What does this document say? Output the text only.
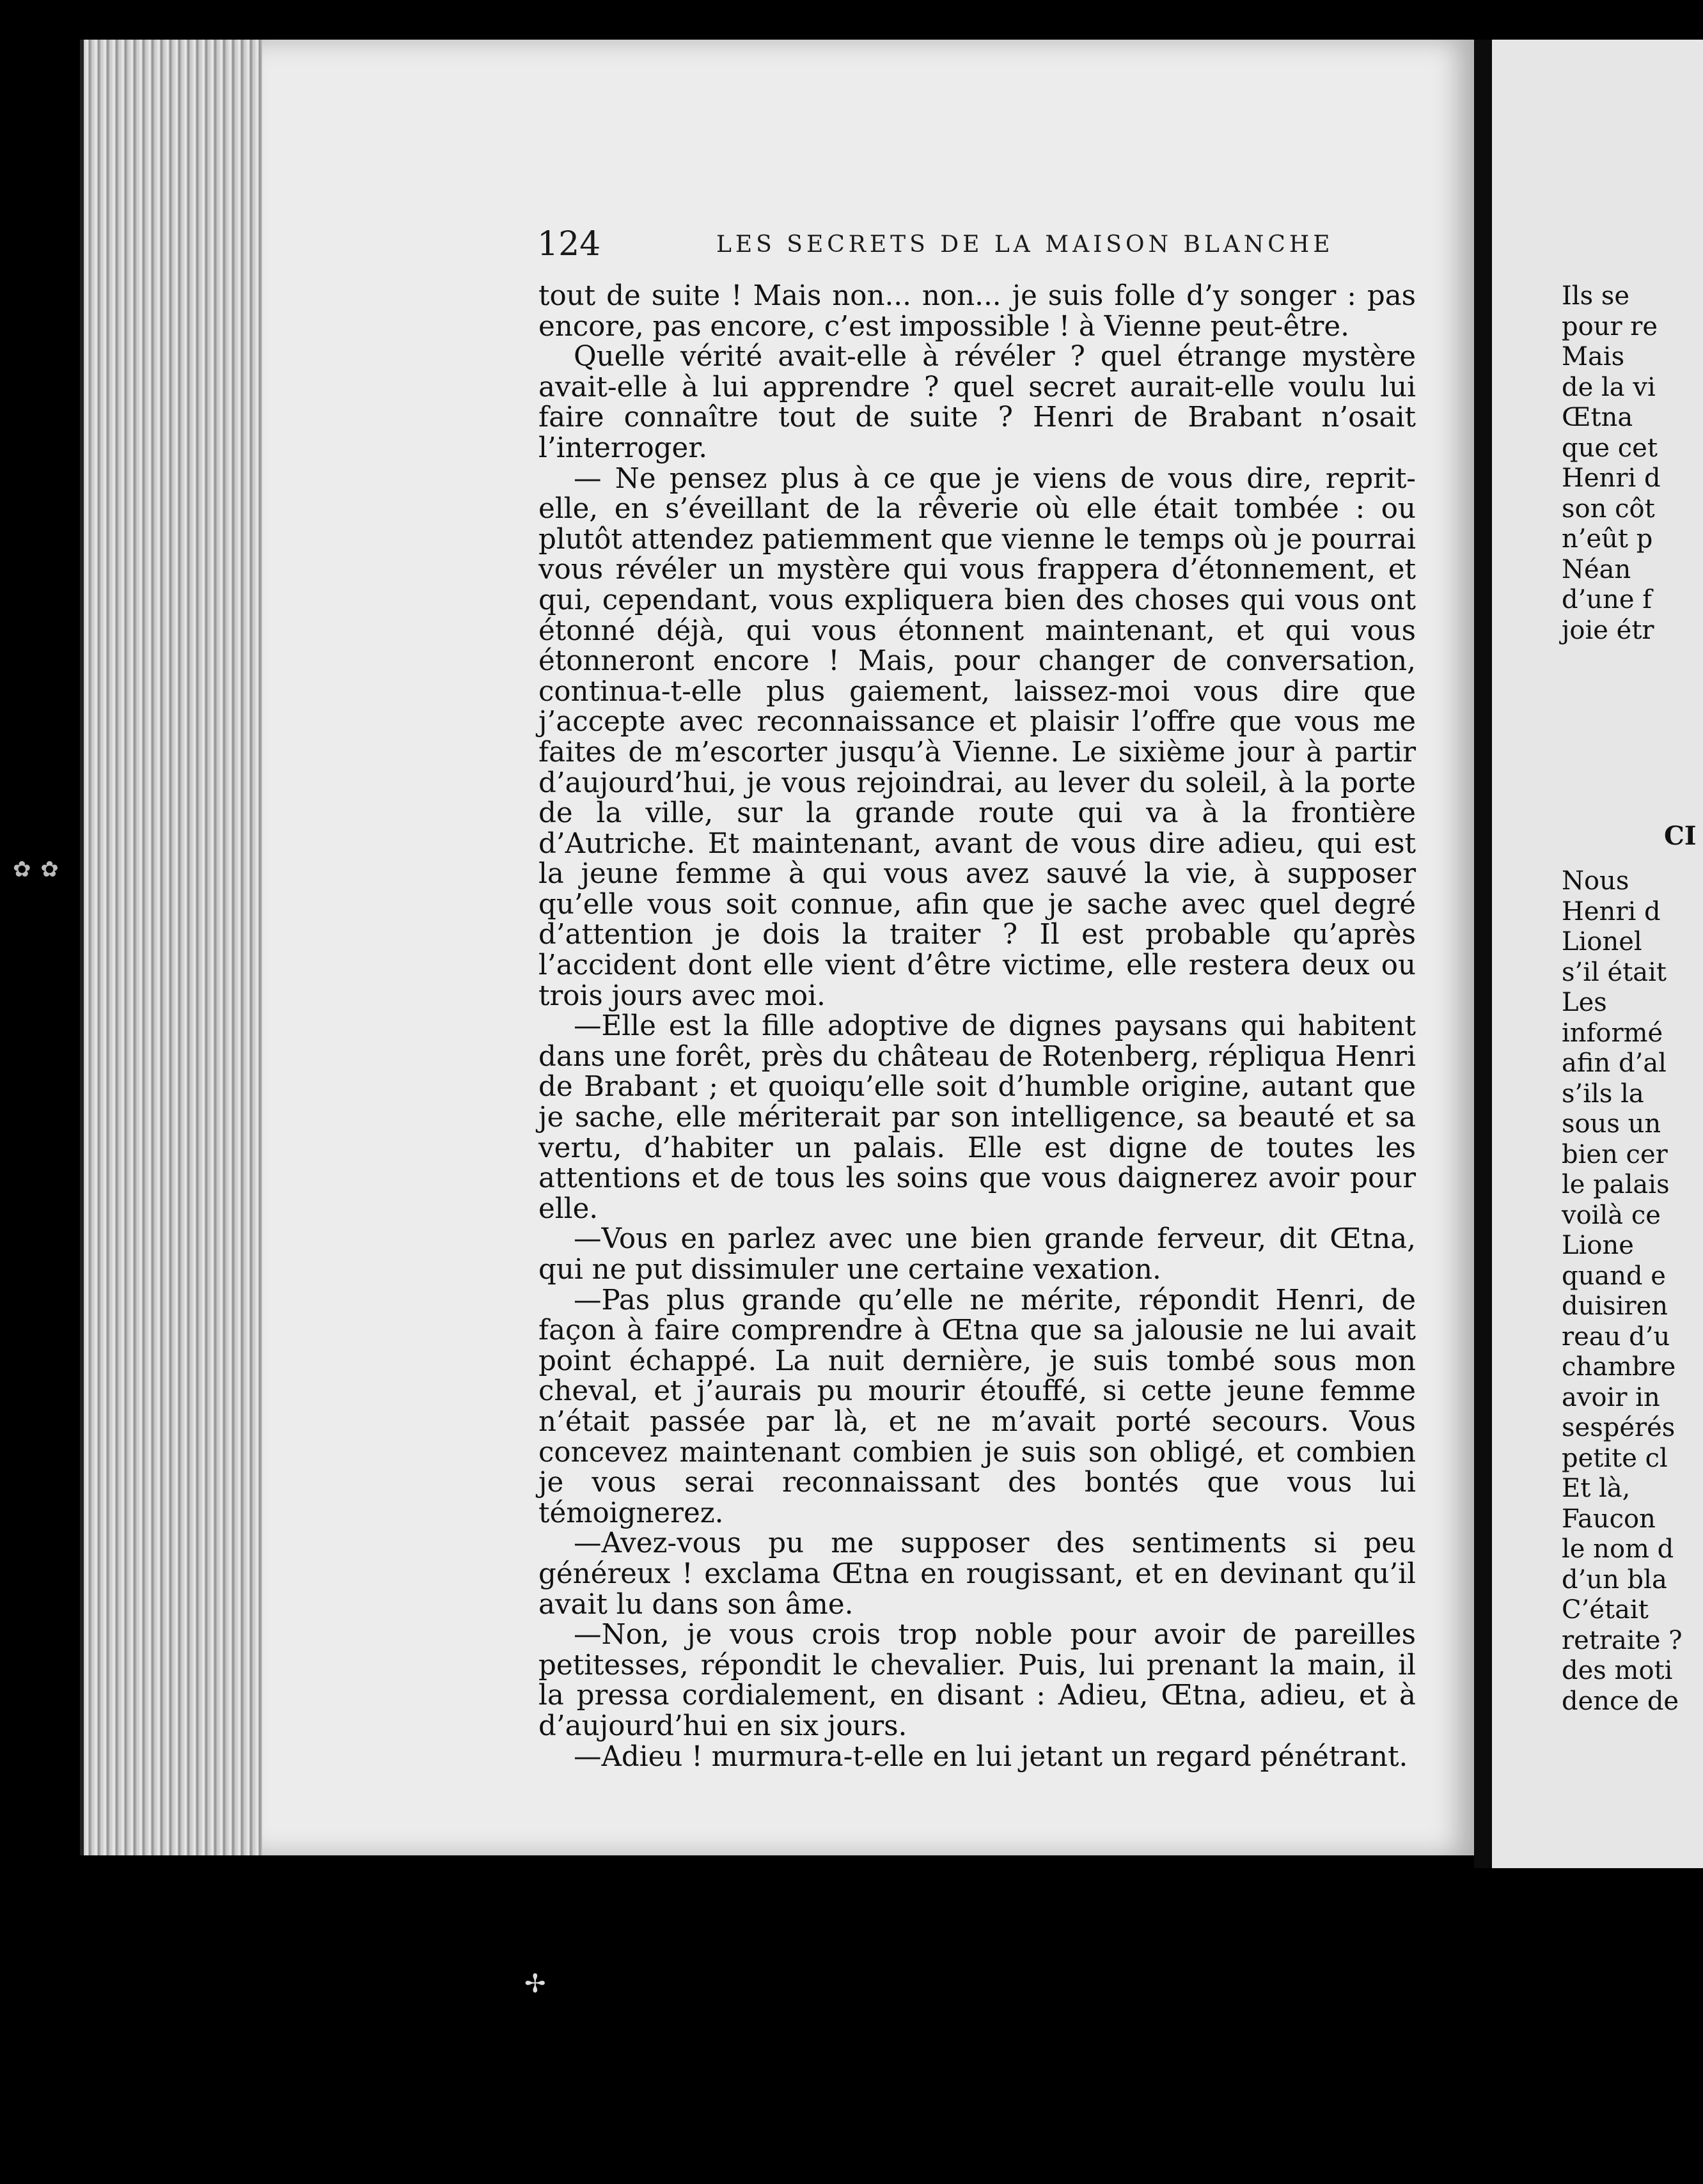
✿ ✿
✢
124	LES SECRETS DE LA MAISON BLANCHE

tout de suite ! Mais non... non... je suis folle d’y songer : pas encore, pas encore, c’est impossible ! à Vienne peut-être.

Quelle vérité avait-elle à révéler ? quel étrange mystère avait-elle à lui apprendre ? quel secret aurait-elle voulu lui faire connaître tout de suite ? Henri de Brabant n’osait l’interroger.

— Ne pensez plus à ce que je viens de vous dire, reprit-elle, en s’éveillant de la rêverie où elle était tombée : ou plutôt attendez patiemment que vienne le temps où je pourrai vous révéler un mystère qui vous frappera d’étonnement, et qui, cependant, vous expliquera bien des choses qui vous ont étonné déjà, qui vous étonnent maintenant, et qui vous étonneront encore ! Mais, pour changer de conversation, continua-t-elle plus gaiement, laissez-moi vous dire que j’accepte avec reconnaissance et plaisir l’offre que vous me faites de m’escorter jusqu’à Vienne. Le sixième jour à partir d’aujourd’hui, je vous rejoindrai, au lever du soleil, à la porte de la ville, sur la grande route qui va à la frontière d’Autriche. Et maintenant, avant de vous dire adieu, qui est la jeune femme à qui vous avez sauvé la vie, à supposer qu’elle vous soit connue, afin que je sache avec quel degré d’attention je dois la traiter ? Il est probable qu’après l’accident dont elle vient d’être victime, elle restera deux ou trois jours avec moi.

—Elle est la fille adoptive de dignes paysans qui habitent dans une forêt, près du château de Rotenberg, répliqua Henri de Brabant ; et quoiqu’elle soit d’humble origine, autant que je sache, elle mériterait par son intelligence, sa beauté et sa vertu, d’habiter un palais. Elle est digne de toutes les attentions et de tous les soins que vous daignerez avoir pour elle.

—Vous en parlez avec une bien grande ferveur, dit Œtna, qui ne put dissimuler une certaine vexation.

—Pas plus grande qu’elle ne mérite, répondit Henri, de façon à faire comprendre à Œtna que sa jalousie ne lui avait point échappé. La nuit dernière, je suis tombé sous mon cheval, et j’aurais pu mourir étouffé, si cette jeune femme n’était passée par là, et ne m’avait porté secours. Vous concevez maintenant combien je suis son obligé, et combien je vous serai reconnaissant des bontés que vous lui témoignerez.

—Avez-vous pu me supposer des sentiments si peu généreux ! exclama Œtna en rougissant, et en devinant qu’il avait lu dans son âme.

—Non, je vous crois trop noble pour avoir de pareilles petitesses, répondit le chevalier. Puis, lui prenant la main, il la pressa cordialement, en disant : Adieu, Œtna, adieu, et à d’aujourd’hui en six jours.

—Adieu ! murmura-t-elle en lui jetant un regard pénétrant.

Ils se
pour re
Mais
de la vi
Œtna
que cet
Henri d
son côt
n’eût p
Néan
d’une f
joie étr
CI
Nous
Henri d
Lionel
s’il était
Les
informé
afin d’al
s’ils la
sous un
bien cer
le palais
voilà ce
Lione
quand e
duisiren
reau d’u
chambre
avoir in
sespérés
petite cl
Et là,
Faucon
le nom d
d’un bla
C’était
retraite ?
des moti
dence de
